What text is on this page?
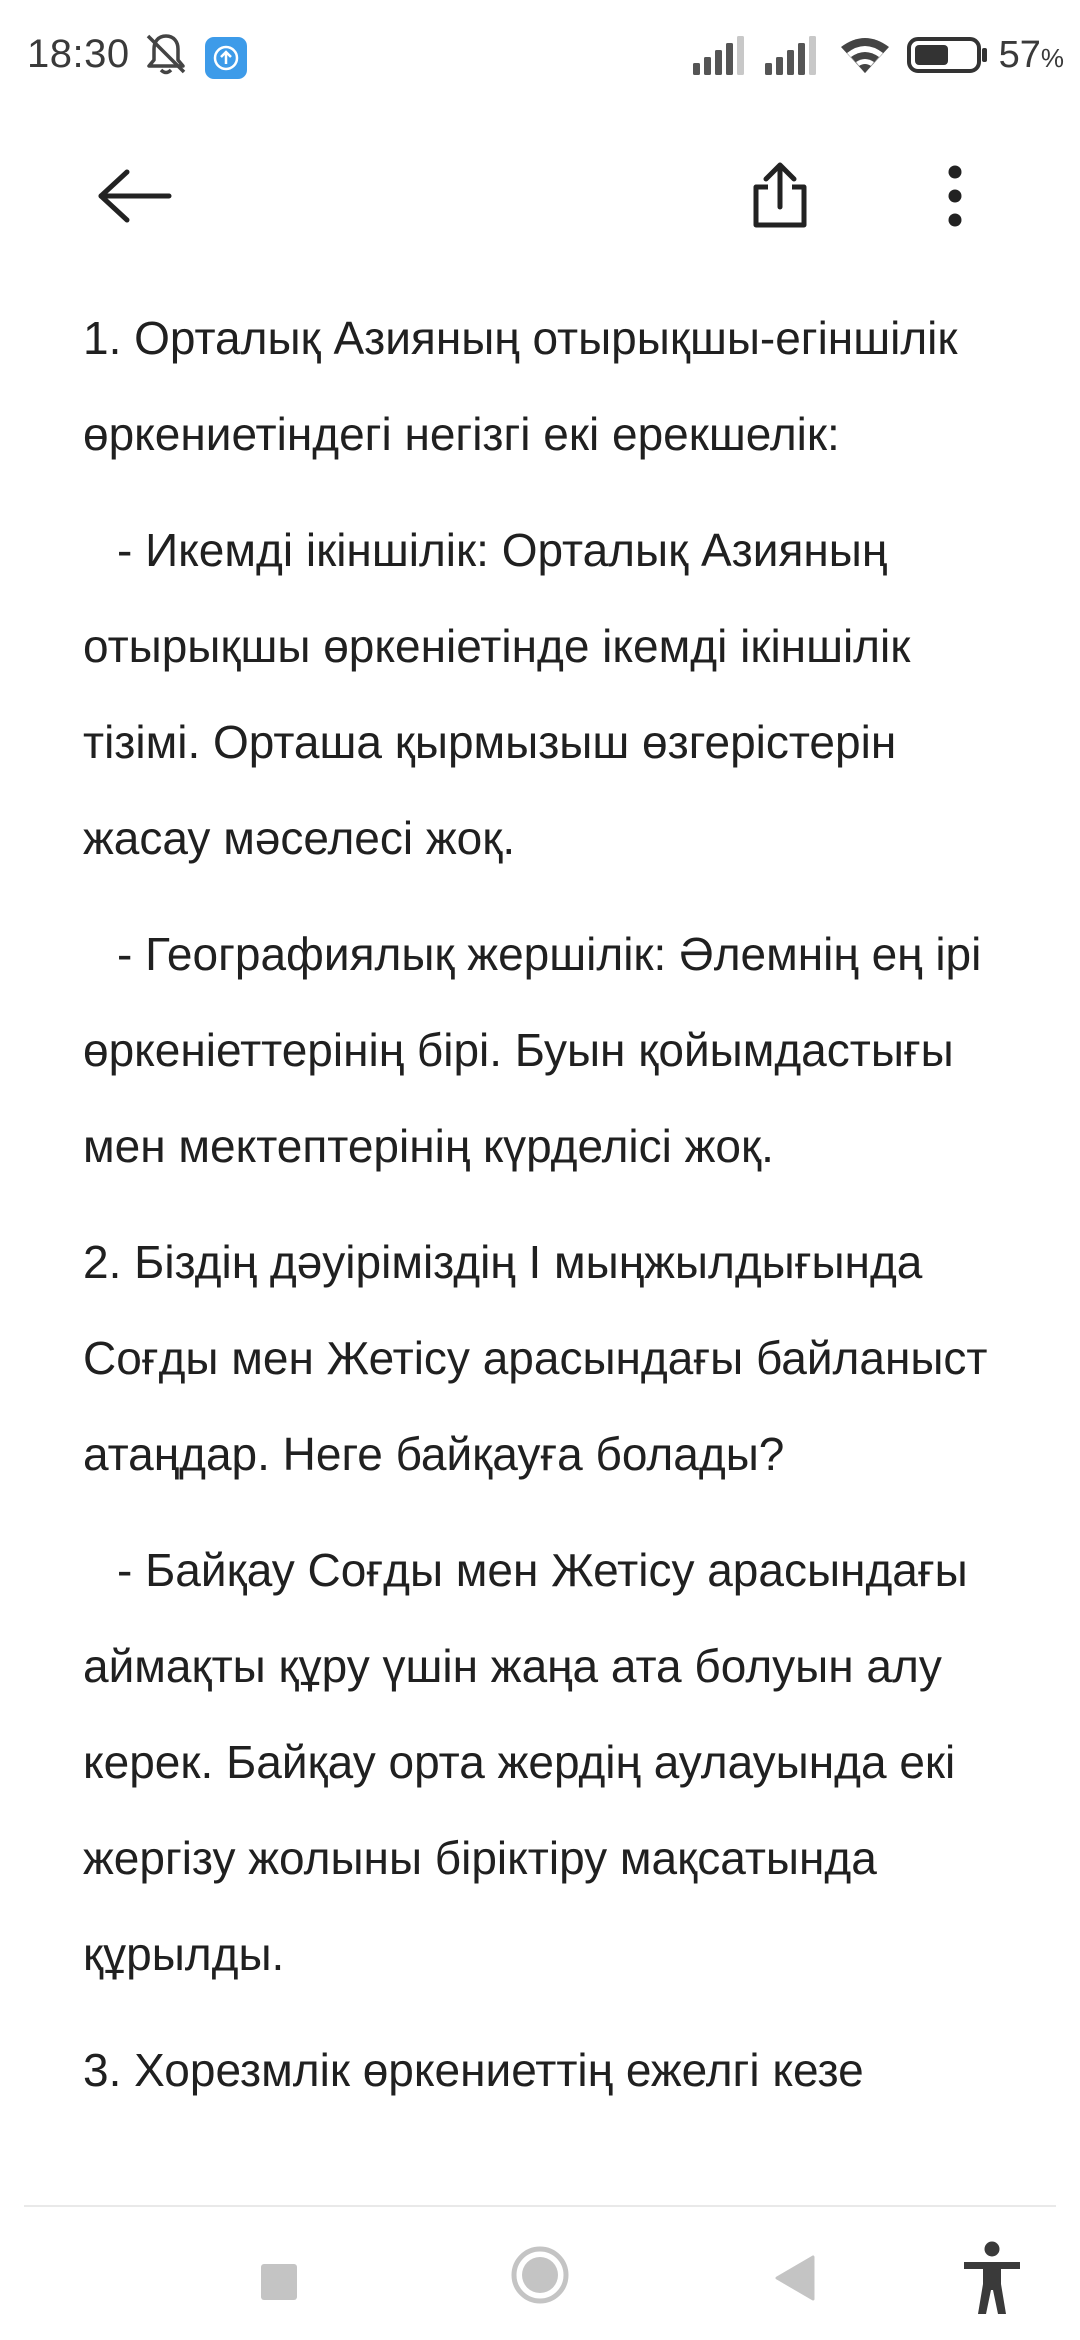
18:30	57%

1. Орталық Азияның отырықшы-егіншілік өркениетіндегі негізгі екі ерекшелік:

- Икемді ікіншілік: Орталық Азияның отырықшы өркеніетінде ікемді ікіншілік тізімі. Орташа қырмызыш өзгерістерін жасау мәселесі жоқ.

- Географиялық жершілік: Әлемнің ең ірі өркеніеттерінің бірі. Буын қойымдастығы мен мектептерінің күрделісі жоқ.

2. Біздің дәуіріміздің I мыңжылдығында Соғды мен Жетісу арасындағы байланыст атаңдар. Неге байқауға болады?

- Байқау Соғды мен Жетісу арасындағы аймақты құру үшін жаңа ата болуын алу керек. Байқау орта жердің аулауында екі жергізу жолыны біріктіру мақсатында құрылды.

3. Хорезмлік өркениеттің ежелгі кезе
